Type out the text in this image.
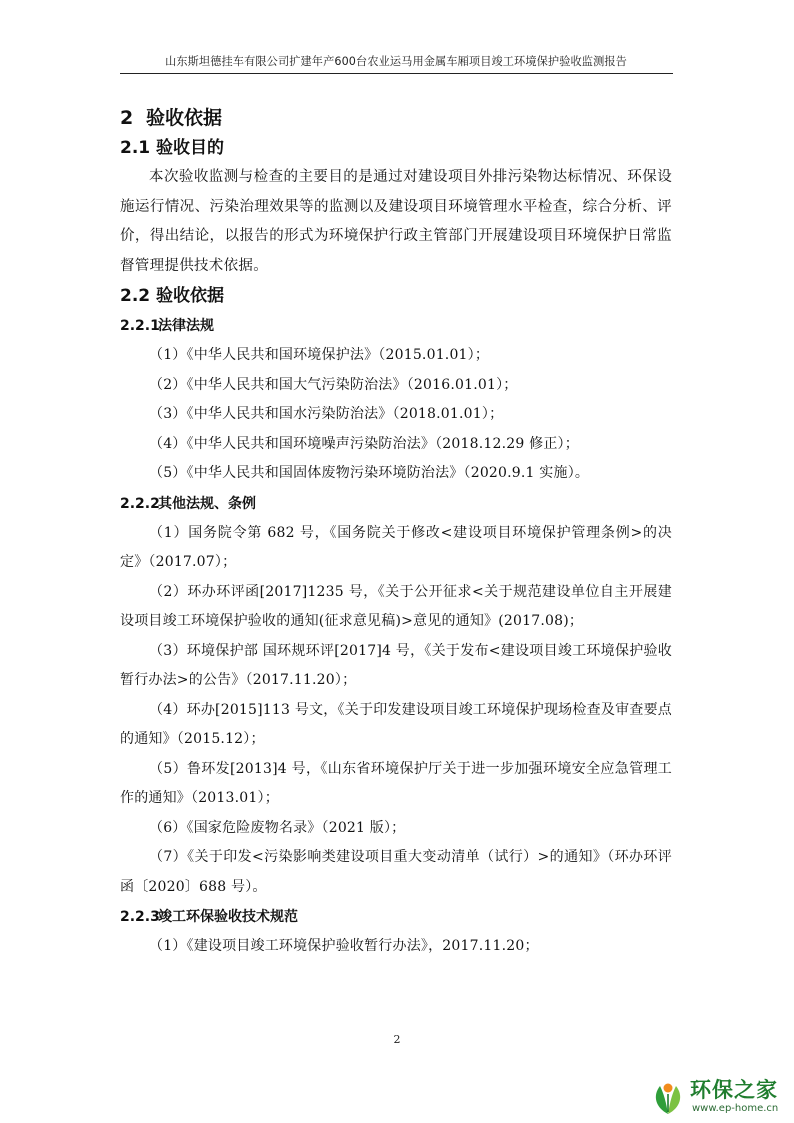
山东斯坦德挂车有限公司扩建年产600台农业运马用金属车厢项目竣工环境保护验收监测报告
2 验收依据
2.1 验收目的

本次验收监测与检查的主要目的是通过对建设项目外排污染物达标情况、环保设施运行情况、污染治理效果等的监测以及建设项目环境管理水平检查，综合分析、评价，得出结论，以报告的形式为环境保护行政主管部门开展建设项目环境保护日常监督管理提供技术依据。

2.2 验收依据
2.2.1法律法规

（1）《中华人民共和国环境保护法》（2015.01.01）；

（2）《中华人民共和国大气污染防治法》（2016.01.01）；

（3）《中华人民共和国水污染防治法》（2018.01.01）；

（4）《中华人民共和国环境噪声污染防治法》（2018.12.29 修正）；

（5）《中华人民共和国固体废物污染环境防治法》（2020.9.1 实施）。

2.2.2其他法规、条例

（1）国务院令第 682 号，《国务院关于修改<建设项目环境保护管理条例>的决定》（2017.07）；

（2）环办环评函[2017]1235 号，《关于公开征求<关于规范建设单位自主开展建设项目竣工环境保护验收的通知(征求意见稿)>意见的通知》(2017.08)；

（3）环境保护部 国环规环评[2017]4 号，《关于发布<建设项目竣工环境保护验收暂行办法>的公告》（2017.11.20）；

（4）环办[2015]113 号文，《关于印发建设项目竣工环境保护现场检查及审查要点的通知》（2015.12）；

（5）鲁环发[2013]4 号，《山东省环境保护厅关于进一步加强环境安全应急管理工作的通知》（2013.01）；

（6）《国家危险废物名录》（2021 版）；

（7）《关于印发<污染影响类建设项目重大变动清单（试行）>的通知》（环办环评函〔2020〕688 号）。

2.2.3竣工环保验收技术规范

（1）《建设项目竣工环境保护验收暂行办法》，2017.11.20；

2
环保之家
www.ep-home.cn
